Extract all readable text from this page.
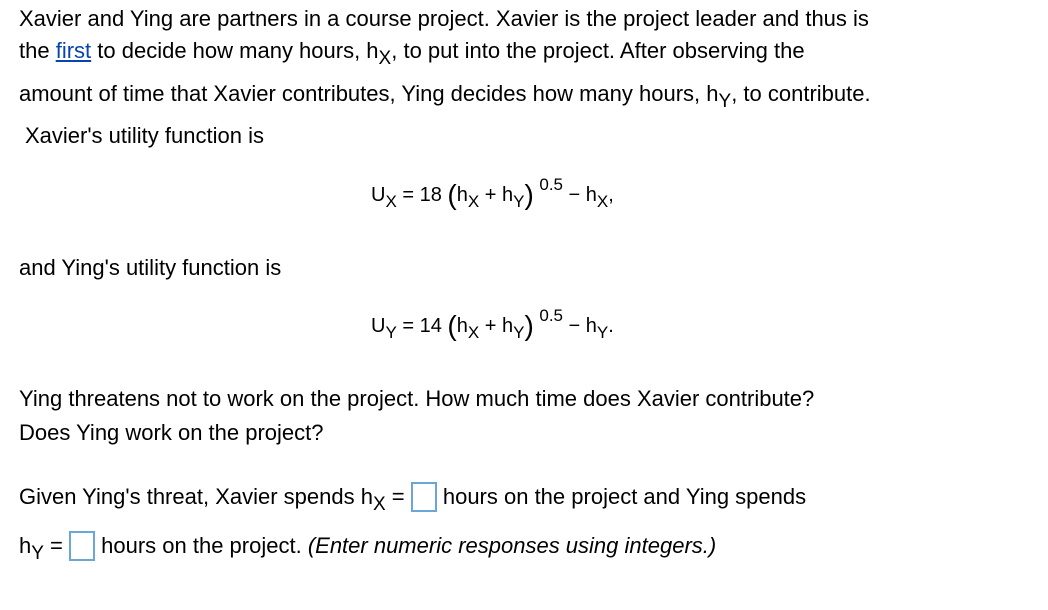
Xavier and Ying are partners in a course project. Xavier is the project leader and thus is
the first to decide how many hours, $h_X$, to put into the project. After observing the
amount of time that Xavier contributes, Ying decides how many hours, $h_Y$, to contribute.
Xavier's utility function is
$U_X = 18$ $(h_X + h_Y) ^{0.5} - h_X$,
and Ying's utility function is
$U_Y = 14$ $(h_X + h_Y) ^{0.5} - h_Y$.
Ying threatens not to work on the project. How much time does Xavier contribute?
Does Ying work on the project?
Given Ying's threat, Xavier spends $h_X$ =  hours on the project and Ying spends
$h_Y$ =  hours on the project. (Enter numeric responses using integers.)
